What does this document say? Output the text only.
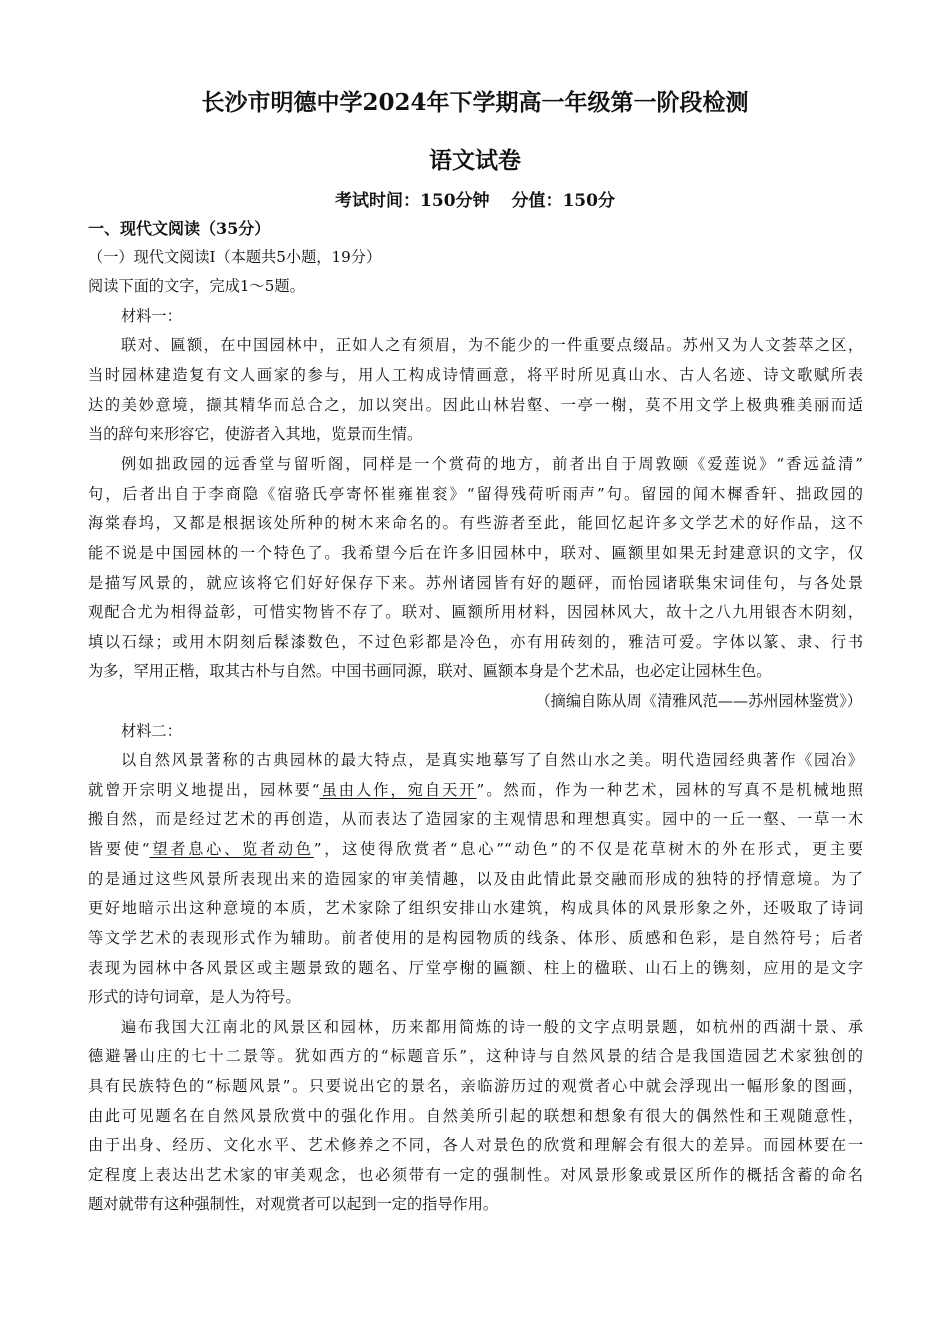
长沙市明德中学2024年下学期高一年级第一阶段检测
语文试卷
考试时间：150分钟 分值：150分
一、现代文阅读（35分）
（一）现代文阅读Ⅰ（本题共5小题，19分）
阅读下面的文字，完成1～5题。
材料一：
联对、匾额，在中国园林中，正如人之有须眉，为不能少的一件重要点缀品。苏州又为人文荟萃之区，
当时园林建造复有文人画家的参与，用人工构成诗情画意，将平时所见真山水、古人名迹、诗文歌赋所表
达的美妙意境，撷其精华而总合之，加以突出。因此山林岩壑、一亭一榭，莫不用文学上极典雅美丽而适
当的辞句来形容它，使游者入其地，览景而生情。
例如拙政园的远香堂与留听阁，同样是一个赏荷的地方，前者出自于周敦颐《爱莲说》“香远益清”
句，后者出自于李商隐《宿骆氏亭寄怀崔雍崔衮》“留得残荷听雨声”句。留园的闻木樨香轩、拙政园的
海棠春坞，又都是根据该处所种的树木来命名的。有些游者至此，能回忆起许多文学艺术的好作品，这不
能不说是中国园林的一个特色了。我希望今后在许多旧园林中，联对、匾额里如果无封建意识的文字，仅
是描写风景的，就应该将它们好好保存下来。苏州诸园皆有好的题砰，而怡园诸联集宋词佳句，与各处景
观配合尤为相得益彰，可惜实物皆不存了。联对、匾额所用材料，因园林风大，故十之八九用银杏木阴刻，
填以石绿；或用木阴刻后髹漆数色，不过色彩都是冷色，亦有用砖刻的，雅洁可爱。字体以篆、隶、行书
为多，罕用正楷，取其古朴与自然。中国书画同源，联对、匾额本身是个艺术品，也必定让园林生色。
（摘编自陈从周《清雅风范——苏州园林鉴赏》）
材料二：
以自然风景著称的古典园林的最大特点，是真实地摹写了自然山水之美。明代造园经典著作《园冶》
就曾开宗明义地提出，园林要“虽由人作，宛自天开”。然而，作为一种艺术，园林的写真不是机械地照
搬自然，而是经过艺术的再创造，从而表达了造园家的主观情思和理想真实。园中的一丘一壑、一草一木
皆要使“望者息心、览者动色”，这使得欣赏者“息心”“动色”的不仅是花草树木的外在形式，更主要
的是通过这些风景所表现出来的造园家的审美情趣，以及由此情此景交融而形成的独特的抒情意境。为了
更好地暗示出这种意境的本质，艺术家除了组织安排山水建筑，构成具体的风景形象之外，还吸取了诗词
等文学艺术的表现形式作为辅助。前者使用的是构园物质的线条、体形、质感和色彩，是自然符号；后者
表现为园林中各风景区或主题景致的题名、厅堂亭榭的匾额、柱上的楹联、山石上的镌刻，应用的是文字
形式的诗句词章，是人为符号。
遍布我国大江南北的风景区和园林，历来都用简炼的诗一般的文字点明景题，如杭州的西湖十景、承
德避暑山庄的七十二景等。犹如西方的“标题音乐”，这种诗与自然风景的结合是我国造园艺术家独创的
具有民族特色的“标题风景”。只要说出它的景名，亲临游历过的观赏者心中就会浮现出一幅形象的图画，
由此可见题名在自然风景欣赏中的强化作用。自然美所引起的联想和想象有很大的偶然性和王观随意性，
由于出身、经历、文化水平、艺术修养之不同，各人对景色的欣赏和理解会有很大的差异。而园林要在一
定程度上表达出艺术家的审美观念，也必须带有一定的强制性。对风景形象或景区所作的概括含蓄的命名
题对就带有这种强制性，对观赏者可以起到一定的指导作用。
